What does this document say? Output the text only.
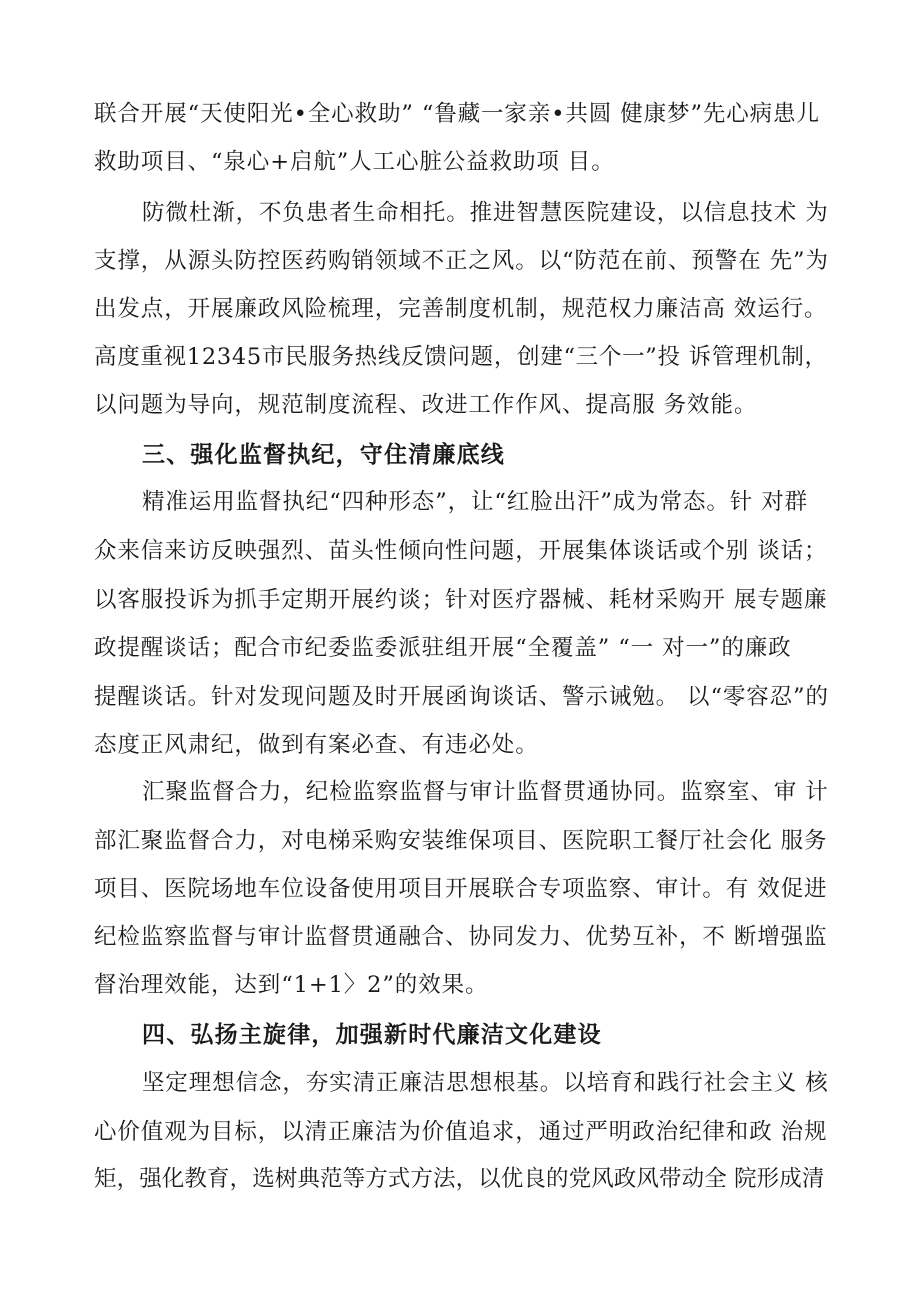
联合开展“天使阳光•全心救助” “鲁藏一家亲•共圆 健康梦”先心病患儿
救助项目、“泉心+启航”人工心脏公益救助项 目。
防微杜渐，不负患者生命相托。推进智慧医院建设，以信息技术 为
支撑，从源头防控医药购销领域不正之风。以“防范在前、预警在 先”为
出发点，开展廉政风险梳理，完善制度机制，规范权力廉洁高 效运行。
高度重视12345市民服务热线反馈问题，创建“三个一”投 诉管理机制，
以问题为导向，规范制度流程、改进工作作风、提高服 务效能。
三、强化监督执纪，守住清廉底线
精准运用监督执纪“四种形态”，让“红脸出汗”成为常态。针 对群
众来信来访反映强烈、苗头性倾向性问题，开展集体谈话或个别 谈话；
以客服投诉为抓手定期开展约谈；针对医疗器械、耗材采购开 展专题廉
政提醒谈话；配合市纪委监委派驻组开展“全覆盖” “一 对一”的廉政
提醒谈话。针对发现问题及时开展函询谈话、警示诫勉。 以“零容忍”的
态度正风肃纪，做到有案必查、有违必处。
汇聚监督合力，纪检监察监督与审计监督贯通协同。监察室、审 计
部汇聚监督合力，对电梯采购安装维保项目、医院职工餐厅社会化 服务
项目、医院场地车位设备使用项目开展联合专项监察、审计。有 效促进
纪检监察监督与审计监督贯通融合、协同发力、优势互补，不 断增强监
督治理效能，达到“1+1〉2”的效果。
四、弘扬主旋律，加强新时代廉洁文化建设
坚定理想信念，夯实清正廉洁思想根基。以培育和践行社会主义 核
心价值观为目标，以清正廉洁为价值追求，通过严明政治纪律和政 治规
矩，强化教育，选树典范等方式方法，以优良的党风政风带动全 院形成清
